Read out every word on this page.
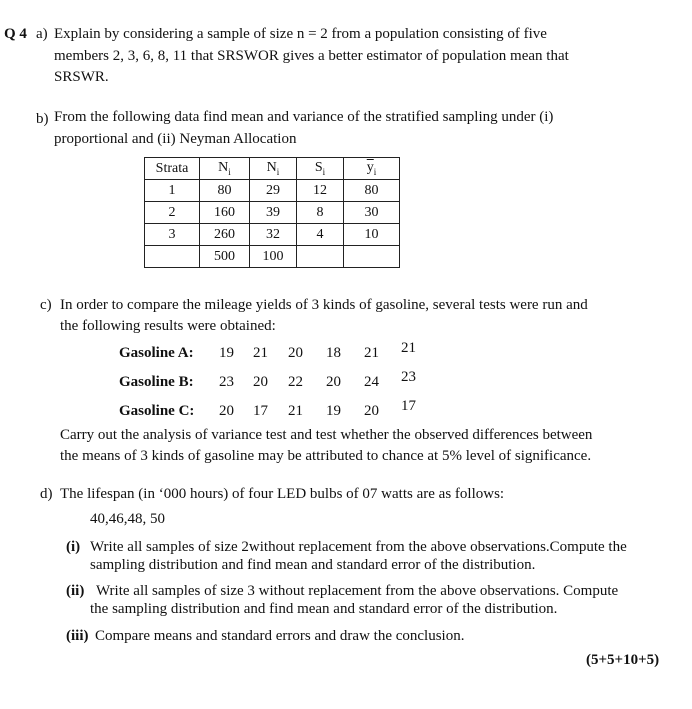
Q 4 a) Explain by considering a sample of size n = 2 from a population consisting of five
members 2, 3, 6, 8, 11 that SRSWOR gives a better estimator of population mean that
SRSWR.
b) From the following data find mean and variance of the stratified sampling under (i)
proportional and (ii) Neyman Allocation
Strata	$N_i$	$N_i$	$S_i$	$\overline{y}_i$
1	80	29	12	80
2	160	39	8	30
3	260	32	4	10
	500	100		
c) In order to compare the mileage yields of 3 kinds of gasoline, several tests were run and
the following results were obtained:
Gasoline A: 19 21 20 18 21 21
Gasoline B: 23 20 22 20 24 23
Gasoline C: 20 17 21 19 20 17
Carry out the analysis of variance test and test whether the observed differences between
the means of 3 kinds of gasoline may be attributed to chance at 5% level of significance.
d) The lifespan (in ‘000 hours) of four LED bulbs of 07 watts are as follows:
40,46,48, 50
(i) Write all samples of size 2without replacement from the above observations.Compute the
sampling distribution and find mean and standard error of the distribution.
(ii) Write all samples of size 3 without replacement from the above observations. Compute
the sampling distribution and find mean and standard error of the distribution.
(iii) Compare means and standard errors and draw the conclusion.
(5+5+10+5)
